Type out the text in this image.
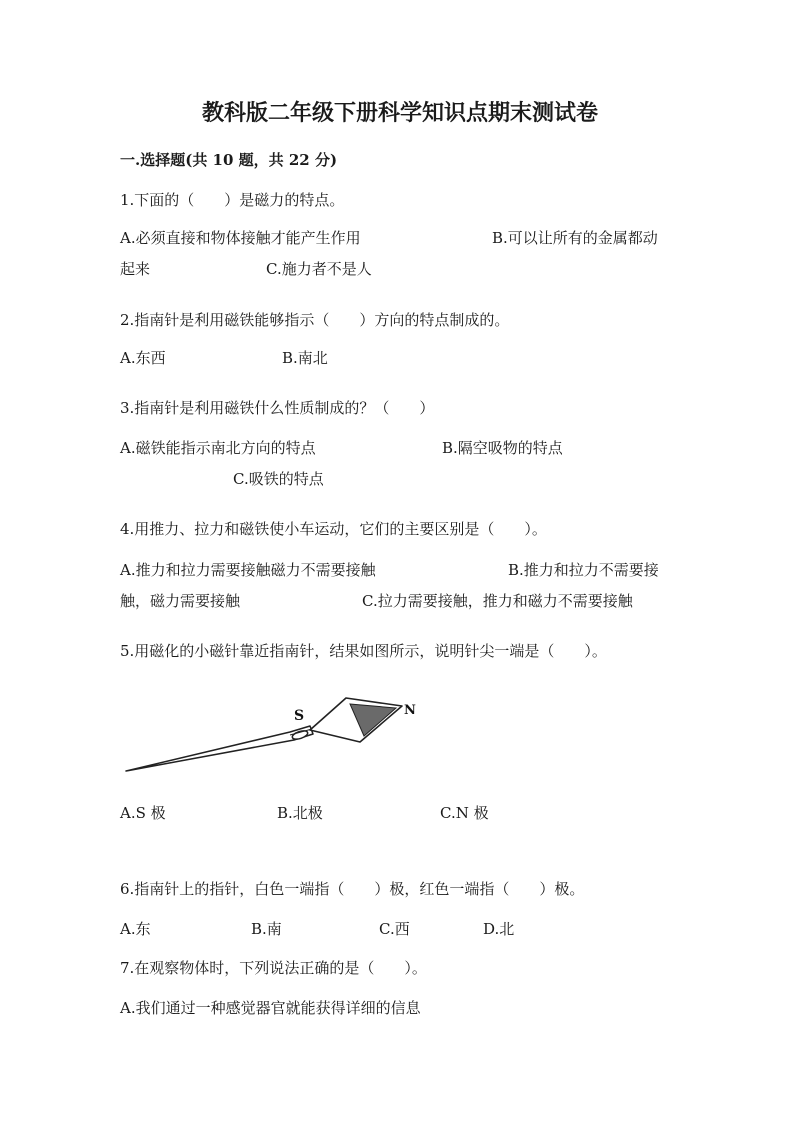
教科版二年级下册科学知识点期末测试卷
一.选择题(共 10 题，共 22 分)
1.下面的（　　）是磁力的特点。
A.必须直接和物体接触才能产生作用	B.可以让所有的金属都动
起来	C.施力者不是人
2.指南针是利用磁铁能够指示（　　）方向的特点制成的。
A.东西	B.南北
3.指南针是利用磁铁什么性质制成的？（　　）
A.磁铁能指示南北方向的特点	B.隔空吸物的特点
C.吸铁的特点
4.用推力、拉力和磁铁使小车运动，它们的主要区别是（　　）。
A.推力和拉力需要接触磁力不需要接触	B.推力和拉力不需要接
触，磁力需要接触	C.拉力需要接触，推力和磁力不需要接触
5.用磁化的小磁针靠近指南针，结果如图所示，说明针尖一端是（　　）。
S	N
A.S 极	B.北极	C.N 极
6.指南针上的指针，白色一端指（　　）极，红色一端指（　　）极。
A.东	B.南	C.西	D.北
7.在观察物体时，下列说法正确的是（　　）。
A.我们通过一种感觉器官就能获得详细的信息
